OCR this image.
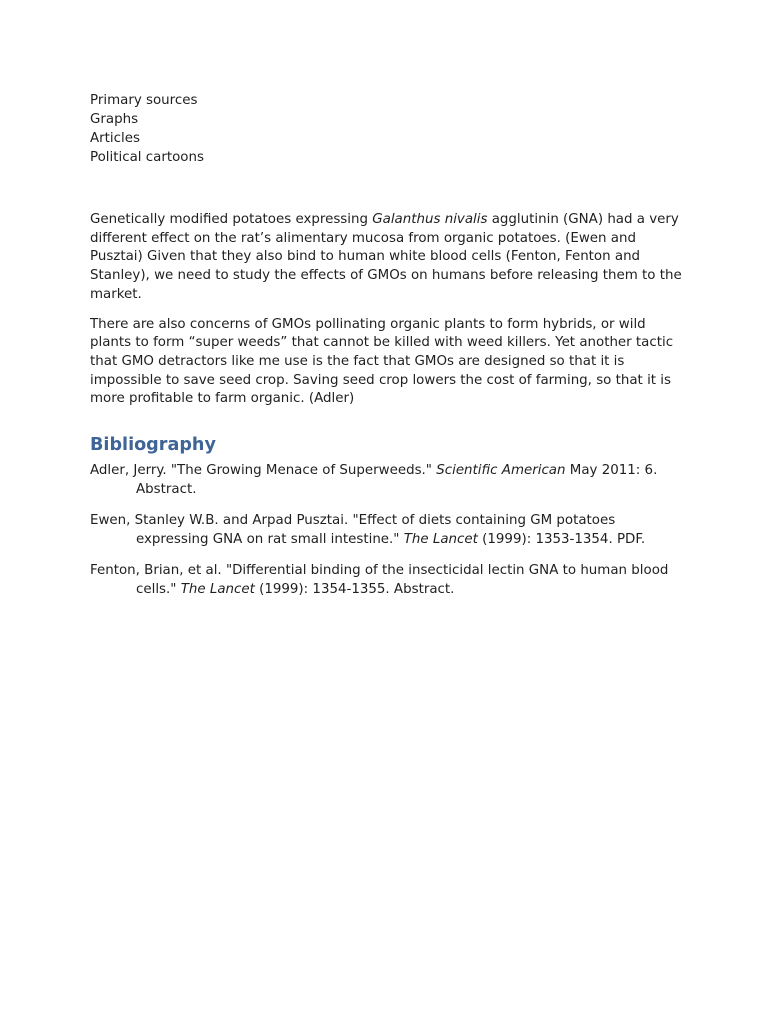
Primary sources
Graphs
Articles
Political cartoons

Genetically modified potatoes expressing Galanthus nivalis agglutinin (GNA) had a very different effect on the rat’s alimentary mucosa from organic potatoes. (Ewen and Pusztai) Given that they also bind to human white blood cells (Fenton, Fenton and Stanley), we need to study the effects of GMOs on humans before releasing them to the market.

There are also concerns of GMOs pollinating organic plants to form hybrids, or wild plants to form “super weeds” that cannot be killed with weed killers. Yet another tactic that GMO detractors like me use is the fact that GMOs are designed so that it is impossible to save seed crop. Saving seed crop lowers the cost of farming, so that it is more profitable to farm organic. (Adler)

Bibliography
Adler, Jerry. "The Growing Menace of Superweeds." Scientific American May 2011: 6. Abstract.
Ewen, Stanley W.B. and Arpad Pusztai. "Effect of diets containing GM potatoes expressing GNA on rat small intestine." The Lancet (1999): 1353-1354. PDF.
Fenton, Brian, et al. "Differential binding of the insecticidal lectin GNA to human blood cells." The Lancet (1999): 1354-1355. Abstract.
